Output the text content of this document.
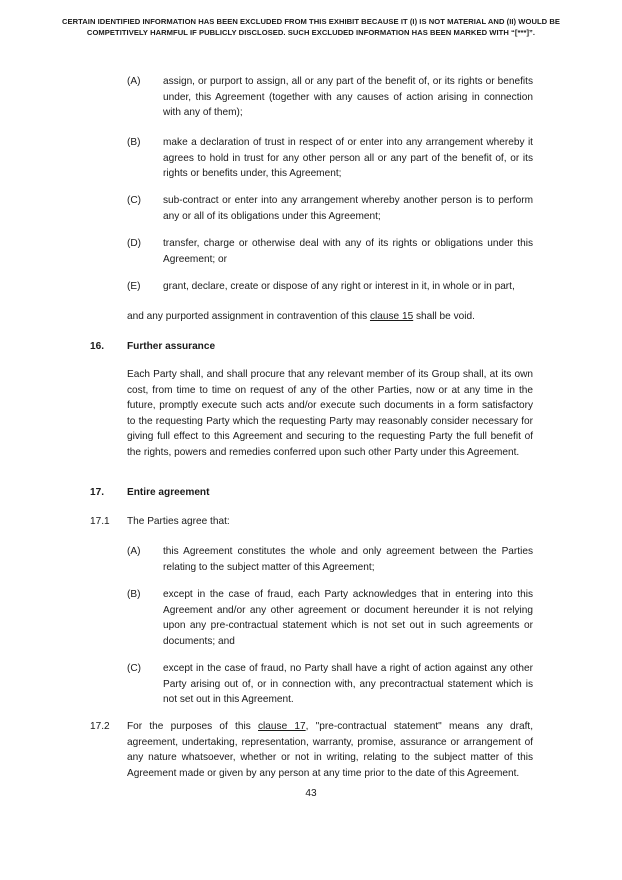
CERTAIN IDENTIFIED INFORMATION HAS BEEN EXCLUDED FROM THIS EXHIBIT BECAUSE IT (I) IS NOT MATERIAL AND (II) WOULD BE COMPETITIVELY HARMFUL IF PUBLICLY DISCLOSED. SUCH EXCLUDED INFORMATION HAS BEEN MARKED WITH “[***]”.
(A) assign, or purport to assign, all or any part of the benefit of, or its rights or benefits under, this Agreement (together with any causes of action arising in connection with any of them);

(B) make a declaration of trust in respect of or enter into any arrangement whereby it agrees to hold in trust for any other person all or any part of the benefit of, or its rights or benefits under, this Agreement;

(C) sub-contract or enter into any arrangement whereby another person is to perform any or all of its obligations under this Agreement;

(D) transfer, charge or otherwise deal with any of its rights or obligations under this Agreement; or

(E) grant, declare, create or dispose of any right or interest in it, in whole or in part,

and any purported assignment in contravention of this clause 15 shall be void.

16. Further assurance

Each Party shall, and shall procure that any relevant member of its Group shall, at its own cost, from time to time on request of any of the other Parties, now or at any time in the future, promptly execute such acts and/or execute such documents in a form satisfactory to the requesting Party which the requesting Party may reasonably consider necessary for giving full effect to this Agreement and securing to the requesting Party the full benefit of the rights, powers and remedies conferred upon such other Party under this Agreement.

17. Entire agreement
17.1 The Parties agree that:

(A) this Agreement constitutes the whole and only agreement between the Parties relating to the subject matter of this Agreement;

(B) except in the case of fraud, each Party acknowledges that in entering into this Agreement and/or any other agreement or document hereunder it is not relying upon any pre-contractual statement which is not set out in such agreements or documents; and

(C) except in the case of fraud, no Party shall have a right of action against any other Party arising out of, or in connection with, any precontractual statement which is not set out in this Agreement.

17.2 For the purposes of this clause 17, "pre-contractual statement" means any draft, agreement, undertaking, representation, warranty, promise, assurance or arrangement of any nature whatsoever, whether or not in writing, relating to the subject matter of this Agreement made or given by any person at any time prior to the date of this Agreement.

43
